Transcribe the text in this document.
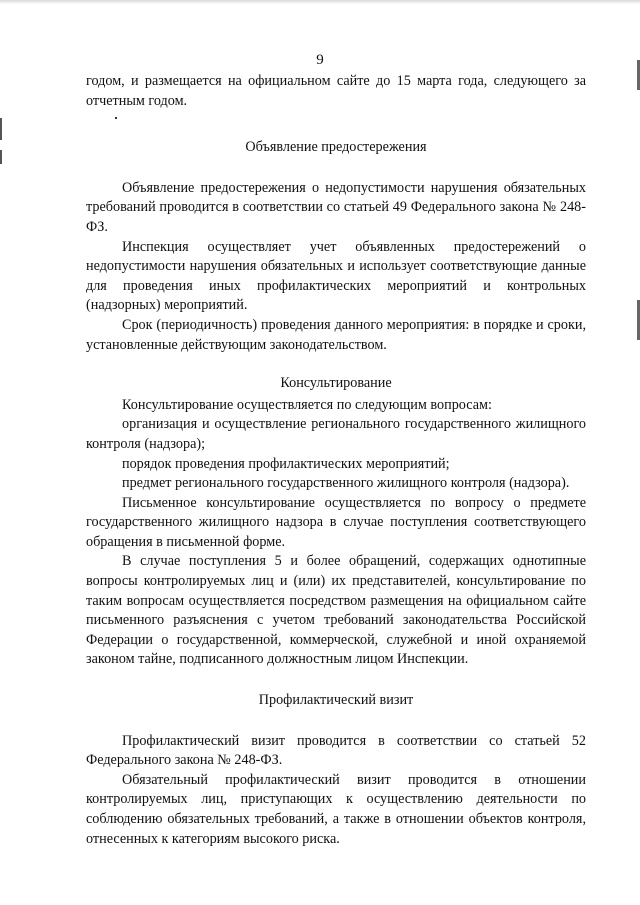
9

годом, и размещается на официальном сайте до 15 марта года, следующего за отчетным годом.

Объявление предостережения

Объявление предостережения о недопустимости нарушения обязательных требований проводится в соответствии со статьей 49 Федерального закона № 248-ФЗ.

Инспекция осуществляет учет объявленных предостережений о недопустимости нарушения обязательных и использует соответствующие данные для проведения иных профилактических мероприятий и контрольных (надзорных) мероприятий.

Срок (периодичность) проведения данного мероприятия: в порядке и сроки, установленные действующим законодательством.

Консультирование

Консультирование осуществляется по следующим вопросам:

организация и осуществление регионального государственного жилищного контроля (надзора);

порядок проведения профилактических мероприятий;

предмет регионального государственного жилищного контроля (надзора).

Письменное консультирование осуществляется по вопросу о предмете государственного жилищного надзора в случае поступления соответствующего обращения в письменной форме.

В случае поступления 5 и более обращений, содержащих однотипные вопросы контролируемых лиц и (или) их представителей, консультирование по таким вопросам осуществляется посредством размещения на официальном сайте письменного разъяснения с учетом требований законодательства Российской Федерации о государственной, коммерческой, служебной и иной охраняемой законом тайне, подписанного должностным лицом Инспекции.

Профилактический визит

Профилактический визит проводится в соответствии со статьей 52 Федерального закона № 248-ФЗ.

Обязательный профилактический визит проводится в отношении контролируемых лиц, приступающих к осуществлению деятельности по соблюдению обязательных требований, а также в отношении объектов контроля, отнесенных к категориям высокого риска.
